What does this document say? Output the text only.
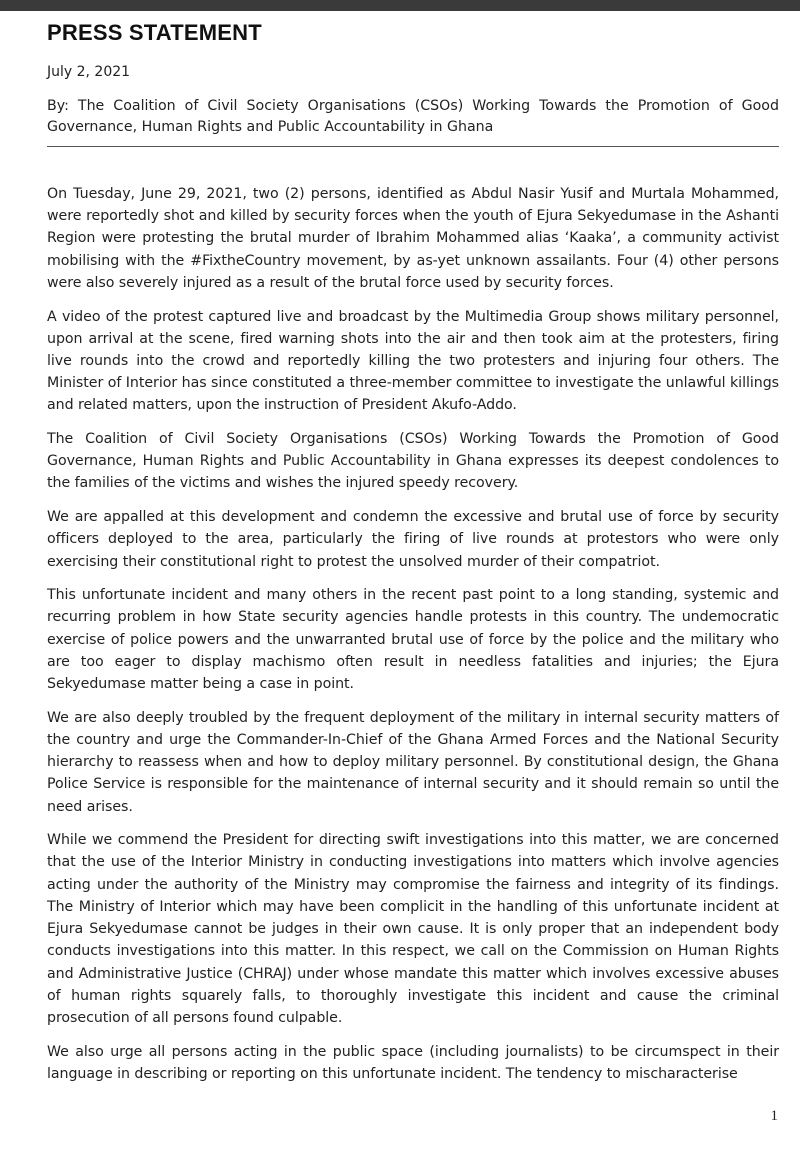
PRESS STATEMENT
July 2, 2021
By: The Coalition of Civil Society Organisations (CSOs) Working Towards the Promotion of Good Governance, Human Rights and Public Accountability in Ghana

On Tuesday, June 29, 2021, two (2) persons, identified as Abdul Nasir Yusif and Murtala Mohammed, were reportedly shot and killed by security forces when the youth of Ejura Sekyedumase in the Ashanti Region were protesting the brutal murder of Ibrahim Mohammed alias ‘Kaaka’, a community activist mobilising with the #FixtheCountry movement, by as-yet unknown assailants. Four (4) other persons were also severely injured as a result of the brutal force used by security forces.

A video of the protest captured live and broadcast by the Multimedia Group shows military personnel, upon arrival at the scene, fired warning shots into the air and then took aim at the protesters, firing live rounds into the crowd and reportedly killing the two protesters and injuring four others. The Minister of Interior has since constituted a three-member committee to investigate the unlawful killings and related matters, upon the instruction of President Akufo-Addo.

The Coalition of Civil Society Organisations (CSOs) Working Towards the Promotion of Good Governance, Human Rights and Public Accountability in Ghana expresses its deepest condolences to the families of the victims and wishes the injured speedy recovery.

We are appalled at this development and condemn the excessive and brutal use of force by security officers deployed to the area, particularly the firing of live rounds at protestors who were only exercising their constitutional right to protest the unsolved murder of their compatriot.

This unfortunate incident and many others in the recent past point to a long standing, systemic and recurring problem in how State security agencies handle protests in this country. The undemocratic exercise of police powers and the unwarranted brutal use of force by the police and the military who are too eager to display machismo often result in needless fatalities and injuries; the Ejura Sekyedumase matter being a case in point.

We are also deeply troubled by the frequent deployment of the military in internal security matters of the country and urge the Commander-In-Chief of the Ghana Armed Forces and the National Security hierarchy to reassess when and how to deploy military personnel. By constitutional design, the Ghana Police Service is responsible for the maintenance of internal security and it should remain so until the need arises.

While we commend the President for directing swift investigations into this matter, we are concerned that the use of the Interior Ministry in conducting investigations into matters which involve agencies acting under the authority of the Ministry may compromise the fairness and integrity of its findings. The Ministry of Interior which may have been complicit in the handling of this unfortunate incident at Ejura Sekyedumase cannot be judges in their own cause. It is only proper that an independent body conducts investigations into this matter. In this respect, we call on the Commission on Human Rights and Administrative Justice (CHRAJ) under whose mandate this matter which involves excessive abuses of human rights squarely falls, to thoroughly investigate this incident and cause the criminal prosecution of all persons found culpable.

We also urge all persons acting in the public space (including journalists) to be circumspect in their language in describing or reporting on this unfortunate incident. The tendency to mischaracterise

1
